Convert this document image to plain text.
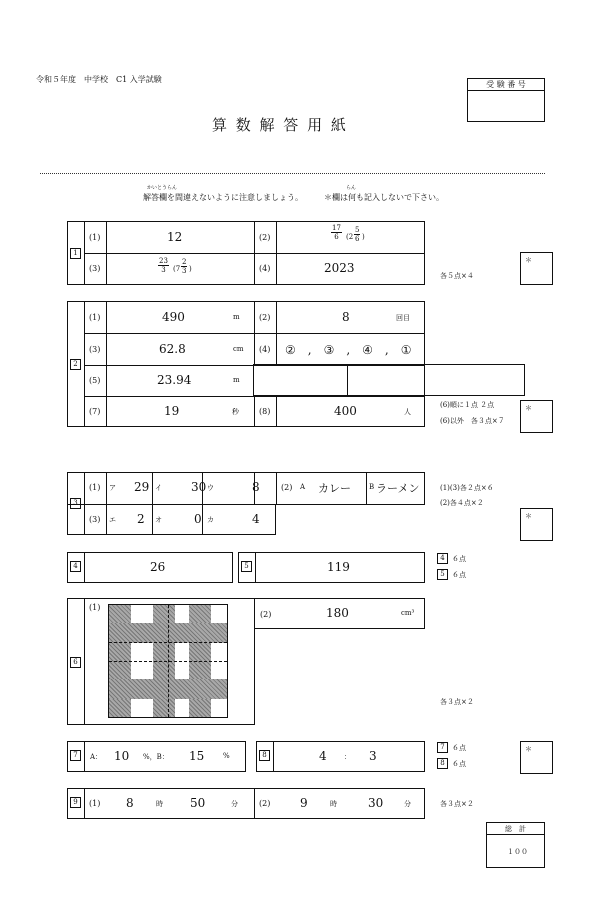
令和５年度　中学校　C1 入学試験
算 数 解 答 用 紙
受 験 番 号
かいとうらん
解答欄を間違えないように注意しましょう。
らん
＊欄は何も記入しないで下さい。
1
(1)	12	(2)	$\frac{17}{6} (2 \frac{5}{6}$ )
(3)	$\frac{23}{3} (7 \frac{2}{3}$ )	(4)	2023
各５点×４
＊
2
(1)	490	m (2)	8	回目
(3)	62.8	cm (4) ②　,　③　,　④　,　①
(5)	23.94	m
(7)	19	秒	(8)	400	人
(6)順に１点 ２点
(6)以外　各３点×７
＊
3
(1) ア 29 イ 30 ウ	8	(2) A カレー	B ラーメン
(3) エ 2 オ	0 カ	4
(1)(3)各２点×６
(2)各４点×２
＊
4	26	5	119
4	６点
5	６点
6
(1)
(2)	180	cm³
各３点×２
7	A： 10 %，B： 15	%	8	4 ： 3
7	６点
8	６点
＊
9	(1) 8	時 50	分	(2) 9	時	30	分	各３点×２
総　計
１００
